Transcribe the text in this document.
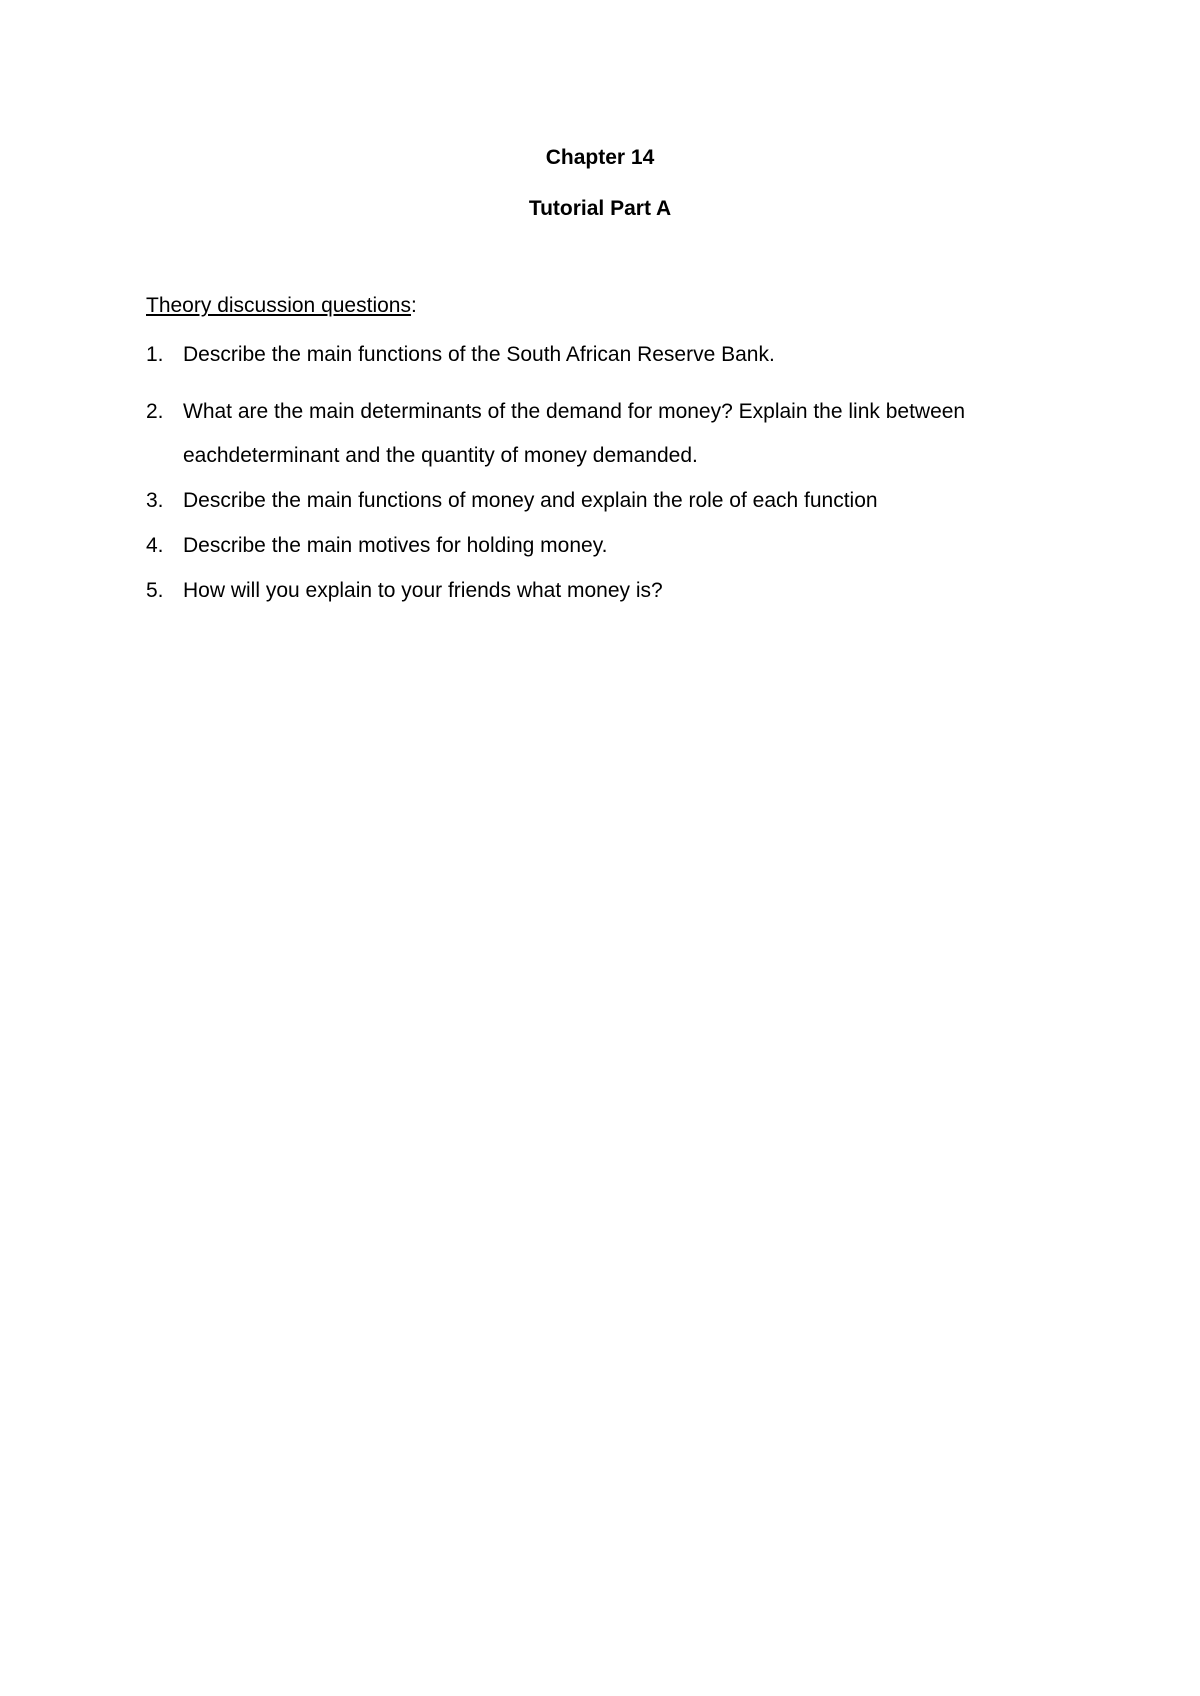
Chapter 14

Tutorial Part A

Theory discussion questions:

1. Describe the main functions of the South African Reserve Bank.
2. What are the main determinants of the demand for money? Explain the link between
eachdeterminant and the quantity of money demanded.
3. Describe the main functions of money and explain the role of each function
4. Describe the main motives for holding money.
5. How will you explain to your friends what money is?
